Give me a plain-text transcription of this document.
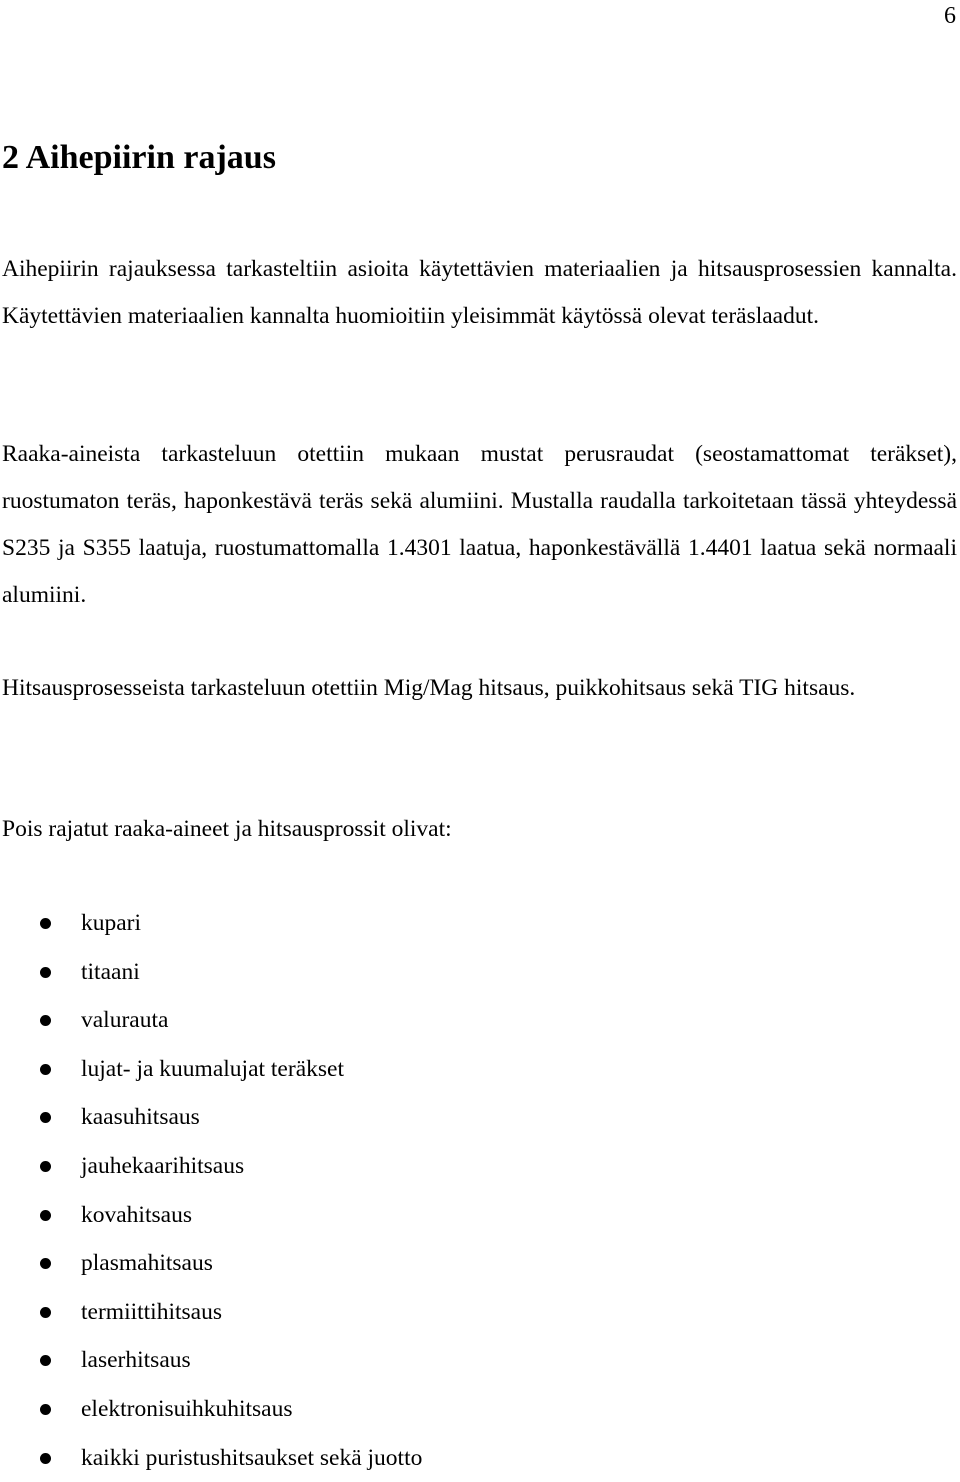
6
2 Aihepiirin rajaus

Aihepiirin rajauksessa tarkasteltiin asioita käytettävien materiaalien ja hitsausprosessien kannalta. Käytettävien materiaalien kannalta huomioitiin yleisimmät käytössä olevat teräslaadut.

Raaka-aineista tarkasteluun otettiin mukaan mustat perusraudat (seostamattomat teräkset), ruostumaton teräs, haponkestävä teräs sekä alumiini. Mustalla raudalla tarkoitetaan tässä yhteydessä S235 ja S355 laatuja, ruostumattomalla 1.4301 laatua, haponkestävällä 1.4401 laatua sekä normaali alumiini.

Hitsausprosesseista tarkasteluun otettiin Mig/Mag hitsaus, puikkohitsaus sekä TIG hitsaus.

Pois rajatut raaka-aineet ja hitsausprossit olivat:

kupari
titaani
valurauta
lujat- ja kuumalujat teräkset
kaasuhitsaus
jauhekaarihitsaus
kovahitsaus
plasmahitsaus
termiittihitsaus
laserhitsaus
elektronisuihkuhitsaus
kaikki puristushitsaukset sekä juotto
